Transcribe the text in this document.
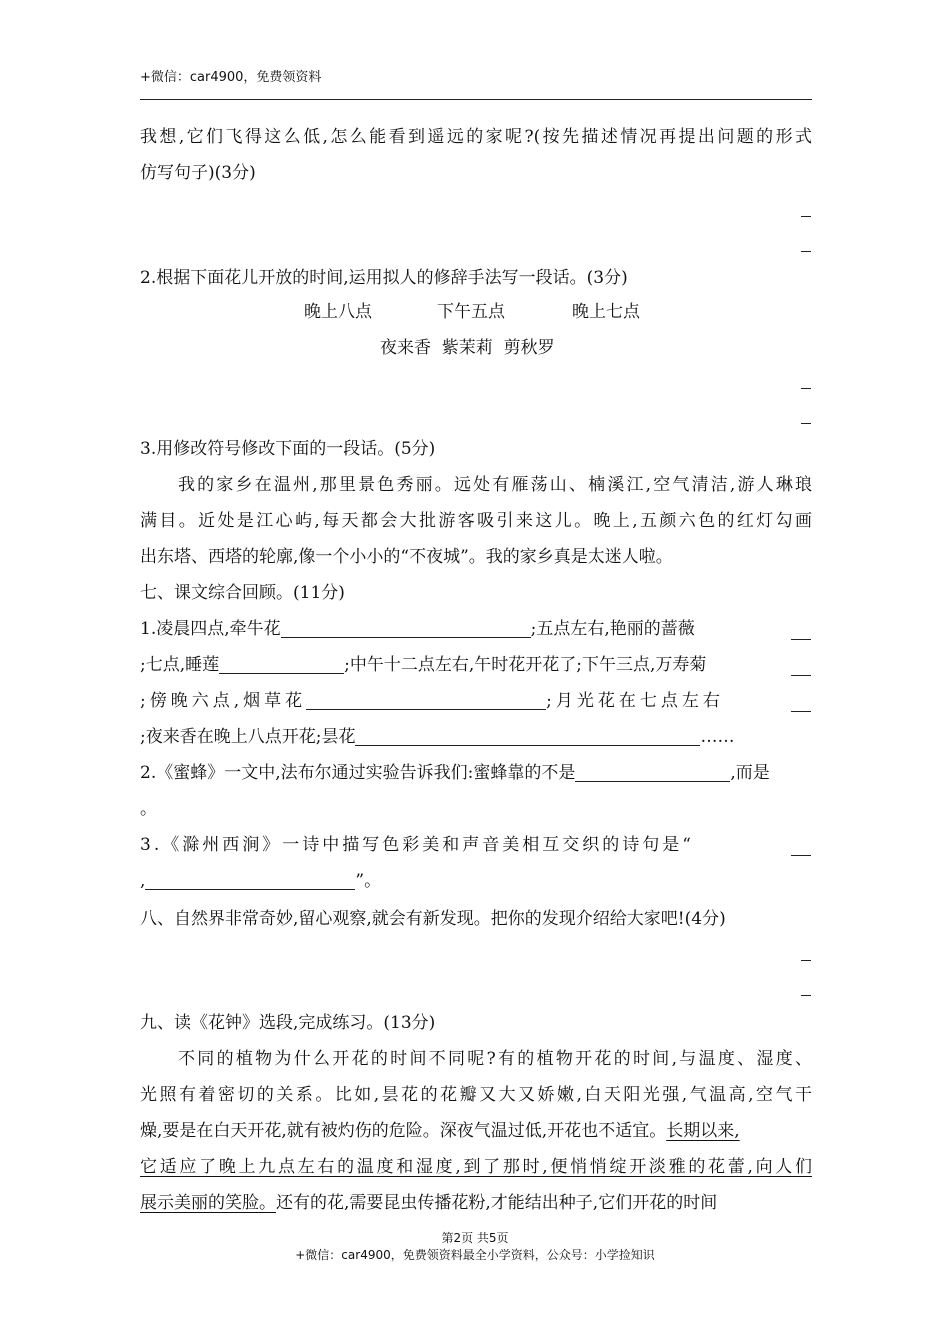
+微信：car4900，免费领资料
我想,它们飞得这么低,怎么能看到遥远的家呢?(按先描述情况再提出问题的形式
仿写句子)(3分)
2.根据下面花儿开放的时间,运用拟人的修辞手法写一段话。(3分)
晚上八点	下午五点	晚上七点
夜来香  紫茉莉  剪秋罗
3.用修改符号修改下面的一段话。(5分)
我的家乡在温州,那里景色秀丽。远处有雁荡山、楠溪江,空气清洁,游人琳琅
满目。近处是江心屿,每天都会大批游客吸引来这儿。晚上,五颜六色的红灯勾画
出东塔、西塔的轮廓,像一个小小的“不夜城”。我的家乡真是太迷人啦。
七、课文综合回顾。(11分)
1.凌晨四点,牵牛花	;五点左右,艳丽的蔷薇
;七点,睡莲	;中午十二点左右,午时花开花了;下午三点,万寿菊
;傍晚六点,烟草花	;月光花在七点左右
;夜来香在晚上八点开花;昙花	……
2.《蜜蜂》一文中,法布尔通过实验告诉我们:蜜蜂靠的不是	,而是
。
3.《滁州西涧》一诗中描写色彩美和声音美相互交织的诗句是“
,	”。
八、自然界非常奇妙,留心观察,就会有新发现。把你的发现介绍给大家吧!(4分)
九、读《花钟》选段,完成练习。(13分)
不同的植物为什么开花的时间不同呢?有的植物开花的时间,与温度、湿度、
光照有着密切的关系。比如,昙花的花瓣又大又娇嫩,白天阳光强,气温高,空气干
燥,要是在白天开花,就有被灼伤的危险。深夜气温过低,开花也不适宜。长期以来,
它适应了晚上九点左右的温度和湿度,到了那时,便悄悄绽开淡雅的花蕾,向人们
展示美丽的笑脸。还有的花,需要昆虫传播花粉,才能结出种子,它们开花的时间
第2页 共5页
+微信：car4900，免费领资料最全小学资料，公众号：小学捡知识
